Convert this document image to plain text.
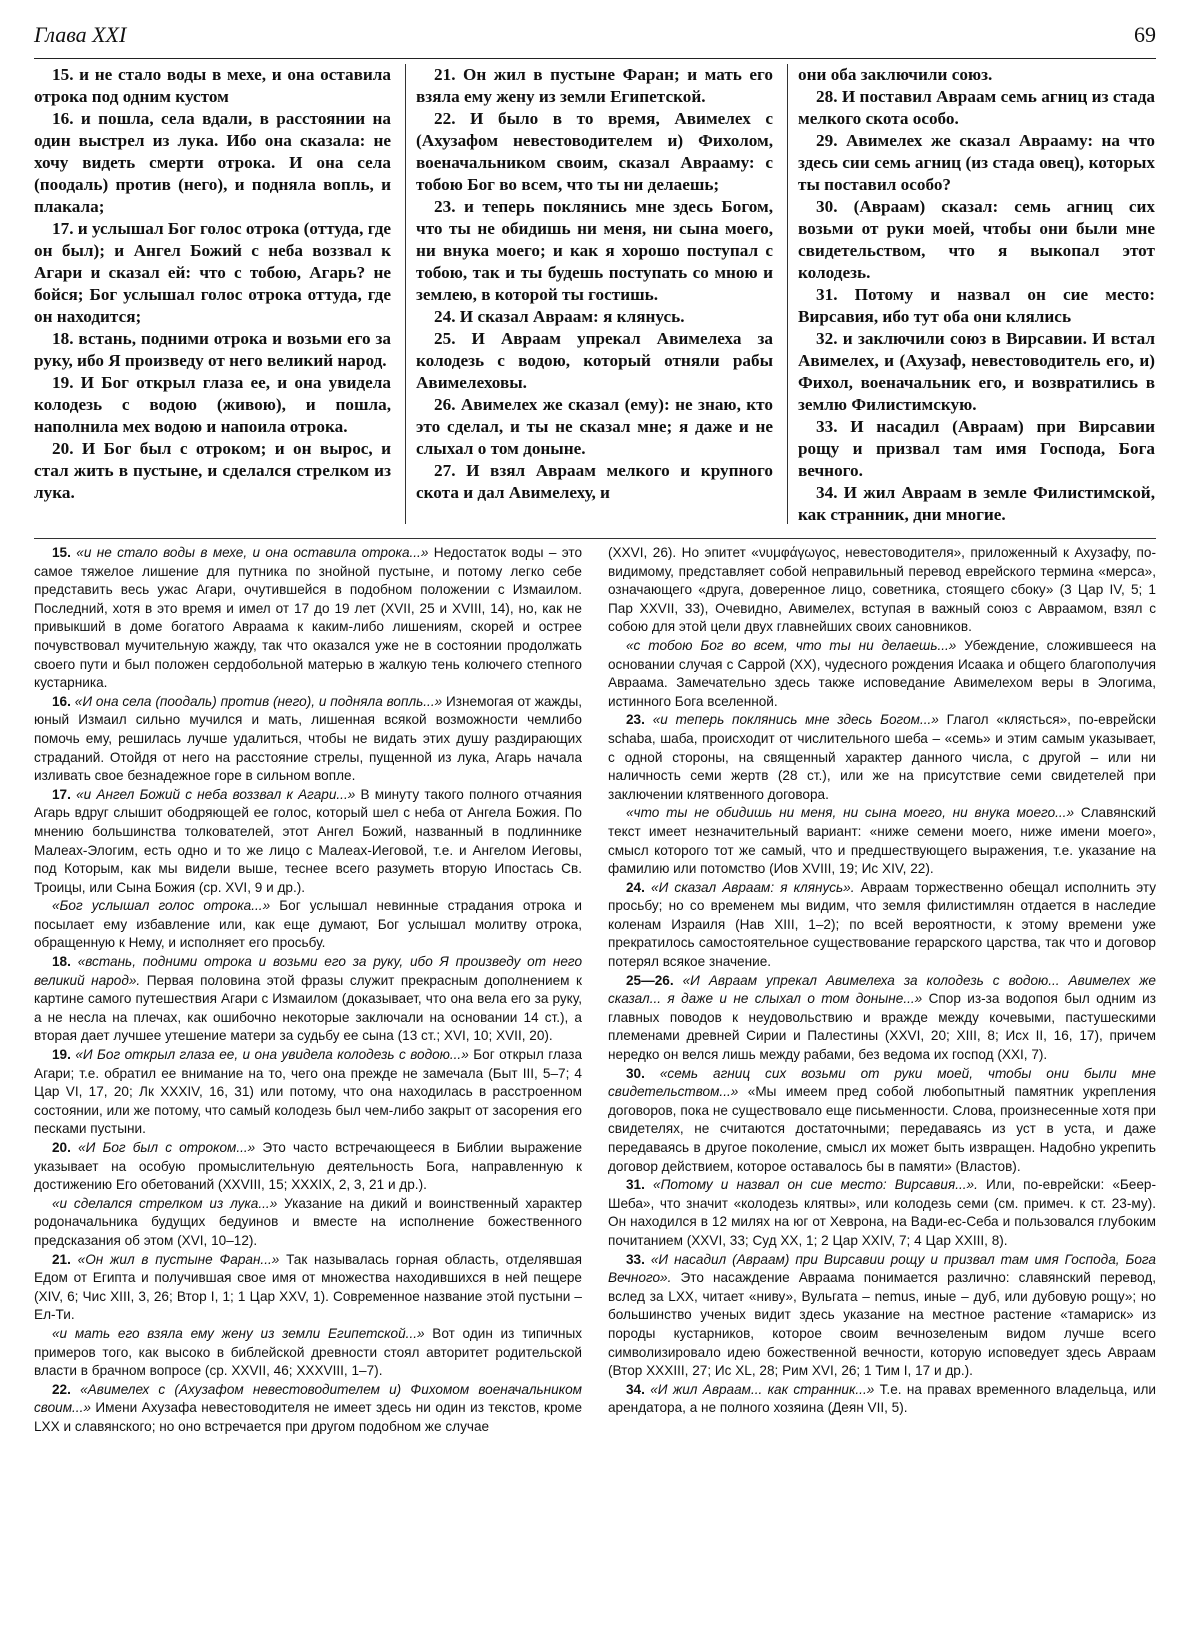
Глава XXI	69

15. и не стало воды в мехе, и она оставила отрока под одним кустом

16. и пошла, села вдали, в расстоянии на один выстрел из лука. Ибо она сказала: не хочу видеть смерти отрока. И она села (поодаль) против (него), и подняла вопль, и плакала;

17. и услышал Бог голос отрока (оттуда, где он был); и Ангел Божий с неба воззвал к Агари и сказал ей: что с тобою, Агарь? не бойся; Бог услышал голос отрока оттуда, где он находится;

18. встань, подними отрока и возьми его за руку, ибо Я произведу от него великий народ.

19. И Бог открыл глаза ее, и она увидела колодезь с водою (живою), и пошла, наполнила мех водою и напоила отрока.

20. И Бог был с отроком; и он вырос, и стал жить в пустыне, и сделался стрелком из лука.

21. Он жил в пустыне Фаран; и мать его взяла ему жену из земли Египетской.

22. И было в то время, Авимелех с (Ахузафом невестоводителем и) Фихолом, военачальником своим, сказал Аврааму: с тобою Бог во всем, что ты ни делаешь;

23. и теперь поклянись мне здесь Богом, что ты не обидишь ни меня, ни сына моего, ни внука моего; и как я хорошо поступал с тобою, так и ты будешь поступать со мною и землею, в которой ты гостишь.

24. И сказал Авраам: я клянусь.

25. И Авраам упрекал Авимелеха за колодезь с водою, который отняли рабы Авимелеховы.

26. Авимелех же сказал (ему): не знаю, кто это сделал, и ты не сказал мне; я даже и не слыхал о том доныне.

27. И взял Авраам мелкого и крупного скота и дал Авимелеху, и

они оба заключили союз.

28. И поставил Авраам семь агниц из стада мелкого скота особо.

29. Авимелех же сказал Аврааму: на что здесь сии семь агниц (из стада овец), которых ты поставил особо?

30. (Авраам) сказал: семь агниц сих возьми от руки моей, чтобы они были мне свидетельством, что я выкопал этот колодезь.

31. Потому и назвал он сие место: Вирсавия, ибо тут оба они клялись

32. и заключили союз в Вирсавии. И встал Авимелех, и (Ахузаф, невестоводитель его, и) Фихол, военачальник его, и возвратились в землю Филистимскую.

33. И насадил (Авраам) при Вирсавии рощу и призвал там имя Господа, Бога вечного.

34. И жил Авраам в земле Филистимской, как странник, дни многие.

15. «и не стало воды в мехе, и она оставила отрока...» Недостаток воды – это самое тяжелое лишение для путника по знойной пустыне, и потому легко себе представить весь ужас Агари, очутившейся в подобном положении с Измаилом. Последний, хотя в это время и имел от 17 до 19 лет (XVII, 25 и XVIII, 14), но, как не привыкший в доме богатого Авраама к каким-либо лишениям, скорей и острее почувствовал мучительную жажду, так что оказался уже не в состоянии продолжать своего пути и был положен сердобольной матерью в жалкую тень колючего степного кустарника.

16. «И она села (поодаль) против (него), и подняла вопль...» Изнемогая от жажды, юный Измаил сильно мучился и мать, лишенная всякой возможности чемлибо помочь ему, решилась лучше удалиться, чтобы не видать этих душу раздирающих страданий. Отойдя от него на расстояние стрелы, пущенной из лука, Агарь начала изливать свое безнадежное горе в сильном вопле.

17. «и Ангел Божий с неба воззвал к Агари...» В минуту такого полного отчаяния Агарь вдруг слышит ободряющей ее голос, который шел с неба от Ангела Божия. По мнению большинства толкователей, этот Ангел Божий, названный в подлиннике Малеах-Элогим, есть одно и то же лицо с Малеах-Иеговой, т.е. и Ангелом Иеговы, под Которым, как мы видели выше, теснее всего разуметь вторую Ипостась Св. Троицы, или Сына Божия (ср. XVI, 9 и др.).

«Бог услышал голос отрока...» Бог услышал невинные страдания отрока и посылает ему избавление или, как еще думают, Бог услышал молитву отрока, обращенную к Нему, и исполняет его просьбу.

18. «встань, подними отрока и возьми его за руку, ибо Я произведу от него великий народ». Первая половина этой фразы служит прекрасным дополнением к картине самого путешествия Агари с Измаилом (доказывает, что она вела его за руку, а не несла на плечах, как ошибочно некоторые заключали на основании 14 ст.), а вторая дает лучшее утешение матери за судьбу ее сына (13 ст.; XVI, 10; XVII, 20).

19. «И Бог открыл глаза ее, и она увидела колодезь с водою...» Бог открыл глаза Агари; т.е. обратил ее внимание на то, чего она прежде не замечала (Быт III, 5–7; 4 Цар VI, 17, 20; Лк XXXIV, 16, 31) или потому, что она находилась в расстроенном состоянии, или же потому, что самый колодезь был чем-либо закрыт от засорения его песками пустыни.

20. «И Бог был с отроком...» Это часто встречающееся в Библии выражение указывает на особую промыслительную деятельность Бога, направленную к достижению Его обетований (XXVIII, 15; XXXIX, 2, 3, 21 и др.).

«и сделался стрелком из лука...» Указание на дикий и воинственный характер родоначальника будущих бедуинов и вместе на исполнение божественного предсказания об этом (XVI, 10–12).

21. «Он жил в пустыне Фаран...» Так называлась горная область, отделявшая Едом от Египта и получившая свое имя от множества находившихся в ней пещере (XIV, 6; Чис XIII, 3, 26; Втор I, 1; 1 Цар XXV, 1). Современное название этой пустыни – Ел-Ти.

«и мать его взяла ему жену из земли Египетской...» Вот один из типичных примеров того, как высоко в библейской древности стоял авторитет родительской власти в брачном вопросе (ср. XXVII, 46; XXXVIII, 1–7).

22. «Авимелех с (Ахузафом невестоводителем и) Фихомом военачальником своим...» Имени Ахузафа невестоводителя не имеет здесь ни один из текстов, кроме LXX и славянского; но оно встречается при другом подобном же случае

(XXVI, 26). Но эпитет «νυμφάγωγος, невестоводителя», приложенный к Ахузафу, по-видимому, представляет собой неправильный перевод еврейского термина «мерса», означающего «друга, доверенное лицо, советника, стоящего сбоку» (3 Цар IV, 5; 1 Пар XXVII, 33), Очевидно, Авимелех, вступая в важный союз с Авраамом, взял с собою для этой цели двух главнейших своих сановников.

«с тобою Бог во всем, что ты ни делаешь...» Убеждение, сложившееся на основании случая с Саррой (XX), чудесного рождения Исаака и общего благополучия Авраама. Замечательно здесь также исповедание Авимелехом веры в Элогима, истинного Бога вселенной.

23. «и теперь поклянись мне здесь Богом...» Глагол «клясться», по-еврейски schaba, шаба, происходит от числительного шеба – «семь» и этим самым указывает, с одной стороны, на священный характер данного числа, с другой – или ни наличность семи жертв (28 ст.), или же на присутствие семи свидетелей при заключении клятвенного договора.

«что ты не обидишь ни меня, ни сына моего, ни внука моего...» Славянский текст имеет незначительный вариант: «ниже семени моего, ниже имени моего», смысл которого тот же самый, что и предшествующего выражения, т.е. указание на фамилию или потомство (Иов XVIII, 19; Ис XIV, 22).

24. «И сказал Авраам: я клянусь». Авраам торжественно обещал исполнить эту просьбу; но со временем мы видим, что земля филистимлян отдается в наследие коленам Израиля (Нав XIII, 1–2); по всей вероятности, к этому времени уже прекратилось самостоятельное существование герарского царства, так что и договор потерял всякое значение.

25—26. «И Авраам упрекал Авимелеха за колодезь с водою... Авимелех же сказал... я даже и не слыхал о том доныне...» Спор из-за водопоя был одним из главных поводов к неудовольствию и вражде между кочевыми, пастушескими племенами древней Сирии и Палестины (XXVI, 20; XIII, 8; Исх II, 16, 17), причем нередко он велся лишь между рабами, без ведома их господ (XXI, 7).

30. «семь агниц сих возьми от руки моей, чтобы они были мне свидетельством...» «Мы имеем пред собой любопытный памятник укрепления договоров, пока не существовало еще письменности. Слова, произнесенные хотя при свидетелях, не считаются достаточными; передаваясь из уст в уста, и даже передаваясь в другое поколение, смысл их может быть извращен. Надобно укрепить договор действием, которое оставалось бы в памяти» (Властов).

31. «Потому и назвал он сие место: Вирсавия...». Или, по-еврейски: «Беер-Шеба», что значит «колодезь клятвы», или колодезь семи (см. примеч. к ст. 23-му). Он находился в 12 милях на юг от Хеврона, на Вади-ес-Себа и пользовался глубоким почитанием (XXVI, 33; Суд XX, 1; 2 Цар XXIV, 7; 4 Цар XXIII, 8).

33. «И насадил (Авраам) при Вирсавии рощу и призвал там имя Господа, Бога Вечного». Это насаждение Авраама понимается различно: славянский перевод, вслед за LXX, читает «ниву», Вульгата – nemus, иные – дуб, или дубовую рощу»; но большинство ученых видит здесь указание на местное растение «тамариск» из породы кустарников, которое своим вечнозеленым видом лучше всего символизировало идею божественной вечности, которую исповедует здесь Авраам (Втор XXXIII, 27; Ис XL, 28; Рим XVI, 26; 1 Тим I, 17 и др.).

34. «И жил Авраам... как странник...» Т.е. на правах временного владельца, или арендатора, а не полного хозяина (Деян VII, 5).
